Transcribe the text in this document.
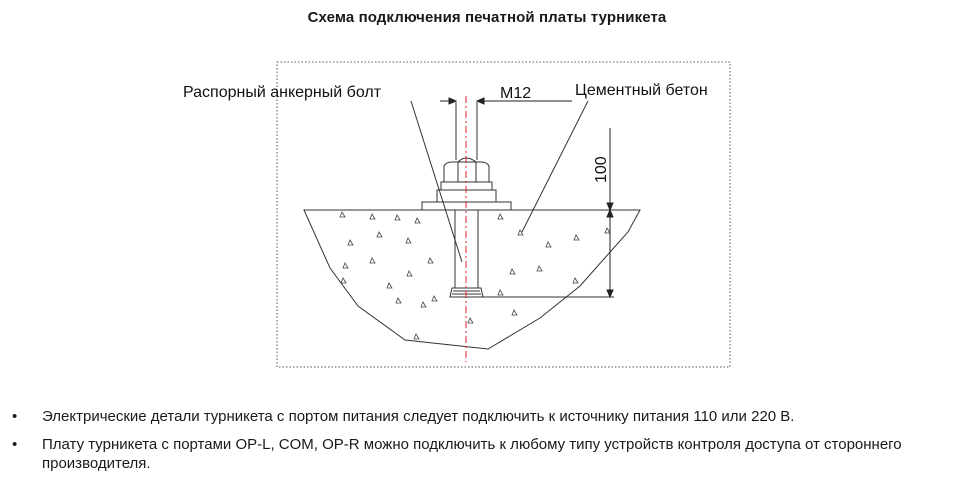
Схема подключения печатной платы турникета
M12
100
Распорный анкерный болт	Цементный бетон
• Электрические детали турникета с портом питания следует подключить к источнику питания 110 или 220 В.
• Плату турникета с портами OP-L, COM, OP-R можно подключить к любому типу устройств контроля доступа от стороннего производителя.
